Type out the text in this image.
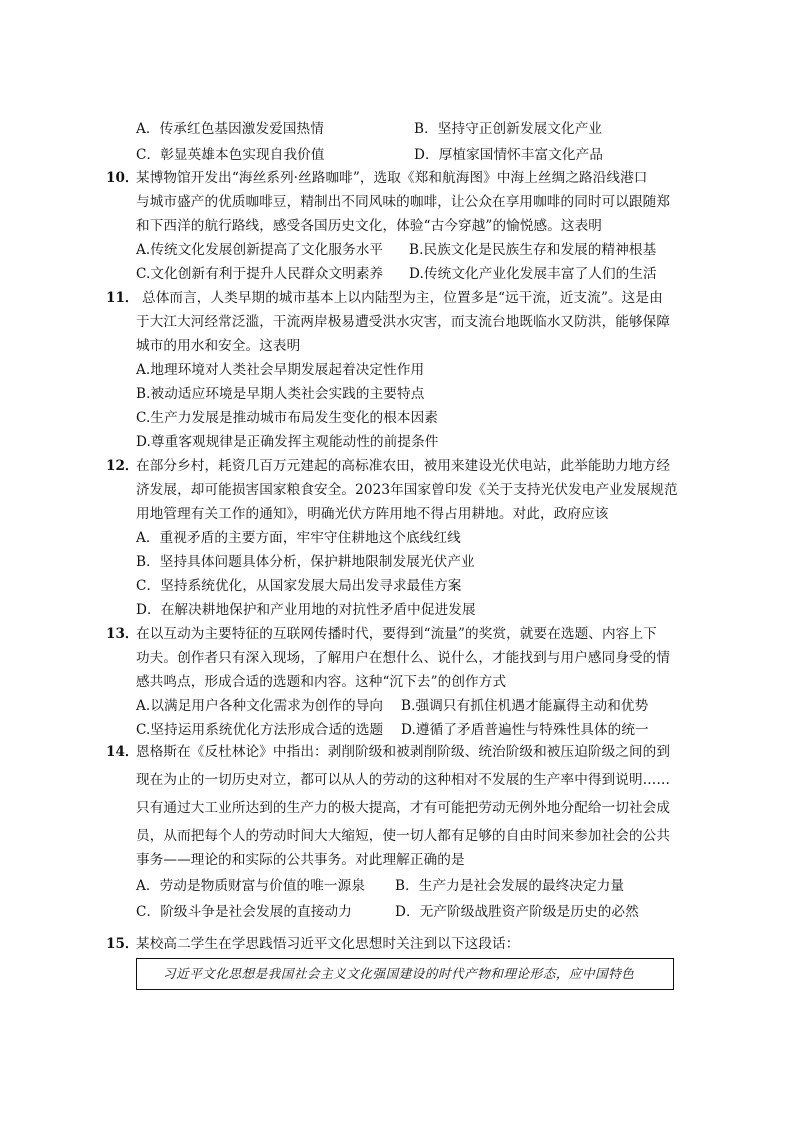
A．传承红色基因激发爱国热情	B．坚持守正创新发展文化产业
C．彰显英雄本色实现自我价值	D．厚植家国情怀丰富文化产品
10．
某博物馆开发出“海丝系列·丝路咖啡”，选取《郑和航海图》中海上丝绸之路沿线港口
与城市盛产的优质咖啡豆，精制出不同风味的咖啡，让公众在享用咖啡的同时可以跟随郑
和下西洋的航行路线，感受各国历史文化，体验“古今穿越”的愉悦感。这表明
A.传统文化发展创新提高了文化服务水平 B.民族文化是民族生存和发展的精神根基
C.文化创新有利于提升人民群众文明素养 D.传统文化产业化发展丰富了人们的生活
11． 总体而言，人类早期的城市基本上以内陆型为主，位置多是“远干流，近支流”。这是由
于大江大河经常泛滥，干流两岸极易遭受洪水灾害，而支流台地既临水又防洪，能够保障
城市的用水和安全。这表明
A.地理环境对人类社会早期发展起着决定性作用
B.被动适应环境是早期人类社会实践的主要特点
C.生产力发展是推动城市布局发生变化的根本因素
D.尊重客观规律是正确发挥主观能动性的前提条件
12．
在部分乡村，耗资几百万元建起的高标准农田，被用来建设光伏电站，此举能助力地方经
济发展，却可能损害国家粮食安全。2023年国家曾印发《关于支持光伏发电产业发展规范
用地管理有关工作的通知》，明确光伏方阵用地不得占用耕地。对此，政府应该
A．重视矛盾的主要方面，牢牢守住耕地这个底线红线
B．坚持具体问题具体分析，保护耕地限制发展光伏产业
C．坚持系统优化，从国家发展大局出发寻求最佳方案
D．在解决耕地保护和产业用地的对抗性矛盾中促进发展
13．
在以互动为主要特征的互联网传播时代，要得到“流量”的奖赏，就要在选题、内容上下
功夫。创作者只有深入现场，了解用户在想什么、说什么，才能找到与用户感同身受的情
感共鸣点，形成合适的选题和内容。这种“沉下去”的创作方式
A.以满足用户各种文化需求为创作的导向 B.强调只有抓住机遇才能赢得主动和优势
C.坚持运用系统优化方法形成合适的选题 D.遵循了矛盾普遍性与特殊性具体的统一
14．
恩格斯在《反杜林论》中指出：剥削阶级和被剥削阶级、统治阶级和被压迫阶级之间的到
现在为止的一切历史对立，都可以从人的劳动的这种相对不发展的生产率中得到说明……
只有通过大工业所达到的生产力的极大提高，才有可能把劳动无例外地分配给一切社会成
员，从而把每个人的劳动时间大大缩短，使一切人都有足够的自由时间来参加社会的公共
事务——理论的和实际的公共事务。对此理解正确的是
A．劳动是物质财富与价值的唯一源泉 B．生产力是社会发展的最终决定力量
C．阶级斗争是社会发展的直接动力	D．无产阶级战胜资产阶级是历史的必然
15．
某校高二学生在学思践悟习近平文化思想时关注到以下这段话：
习近平文化思想是我国社会主义文化强国建设的时代产物和理论形态，应中国特色
